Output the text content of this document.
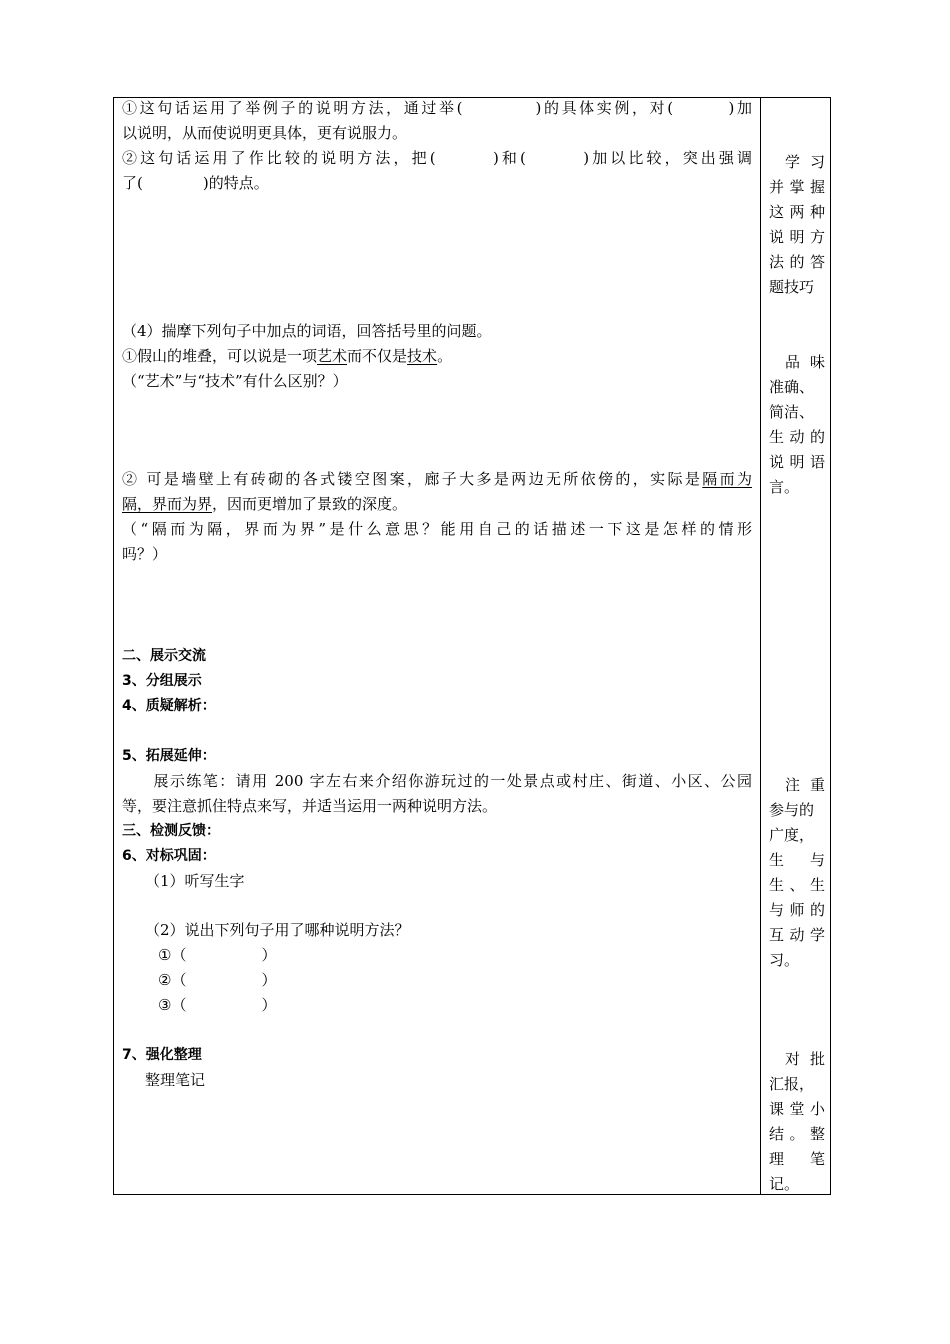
①这句话运用了举例子的说明方法，通过举(　　　　)的具体实例，对(　　　)加
以说明，从而使说明更具体，更有说服力。
②这句话运用了作比较的说明方法，把(　　　)和(　　　)加以比较，突出强调
了(　　　　)的特点。
（4）揣摩下列句子中加点的词语，回答括号里的问题。
①假山的堆叠，可以说是一项艺术而不仅是技术。
（“艺术”与“技术”有什么区别？）
② 可是墙壁上有砖砌的各式镂空图案，廊子大多是两边无所依傍的，实际是隔而为
隔，界而为界，因而更增加了景致的深度。
（“隔而为隔，界而为界”是什么意思？能用自己的话描述一下这是怎样的情形
吗？）
二、展示交流
3、分组展示
4、质疑解析：
5、拓展延伸：
展示练笔：请用 200 字左右来介绍你游玩过的一处景点或村庄、街道、小区、公园
等，要注意抓住特点来写，并适当运用一两种说明方法。
三、检测反馈：
6、对标巩固：
（1）听写生字
（2）说出下列句子用了哪种说明方法？
①（　　　　　）
②（　　　　　）
③（　　　　　）
7、强化整理
整理笔记
学习
并掌握
这两种
说明方
法的答
题技巧
品味
准确、
简洁、
生动的
说明语
言。
注重
参与的
广度，
生与
生、生
与师的
互动学
习。
对批
汇报，
课堂小
结。整
理笔
记。
